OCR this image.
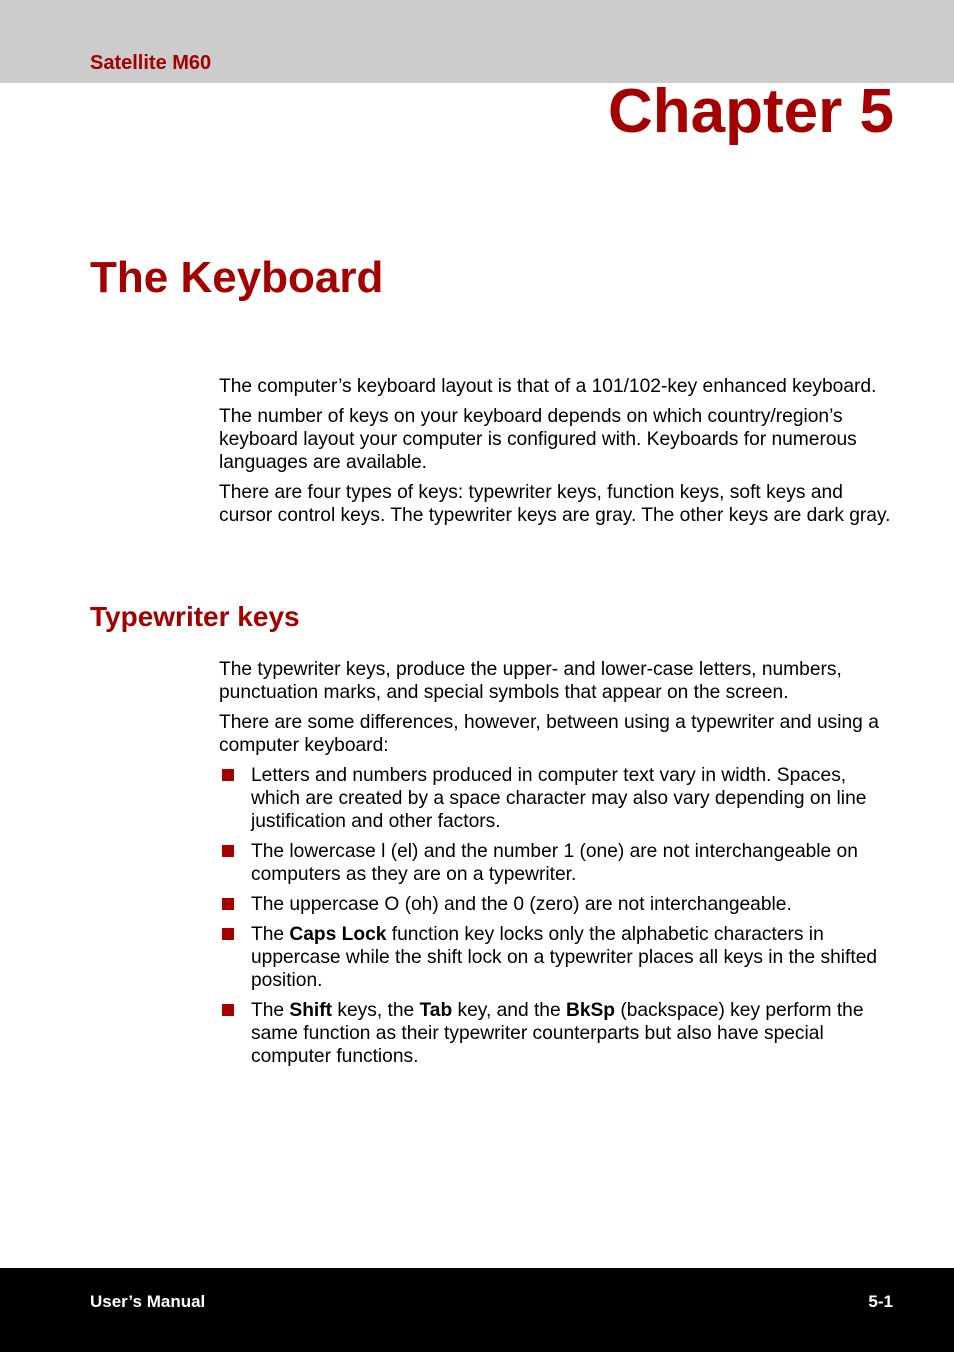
Satellite M60
Chapter 5
The Keyboard

The computer’s keyboard layout is that of a 101/102-key enhanced keyboard.

The number of keys on your keyboard depends on which country/region’s keyboard layout your computer is configured with. Keyboards for numerous languages are available.

There are four types of keys: typewriter keys, function keys, soft keys and cursor control keys. The typewriter keys are gray. The other keys are dark gray.

Typewriter keys

The typewriter keys, produce the upper- and lower-case letters, numbers, punctuation marks, and special symbols that appear on the screen.

There are some differences, however, between using a typewriter and using a computer keyboard:

Letters and numbers produced in computer text vary in width. Spaces, which are created by a space character may also vary depending on line justification and other factors.
The lowercase l (el) and the number 1 (one) are not interchangeable on computers as they are on a typewriter.
The uppercase O (oh) and the 0 (zero) are not interchangeable.
The Caps Lock function key locks only the alphabetic characters in uppercase while the shift lock on a typewriter places all keys in the shifted position.
The Shift keys, the Tab key, and the BkSp (backspace) key perform the same function as their typewriter counterparts but also have special computer functions.
User’s Manual	5-1
